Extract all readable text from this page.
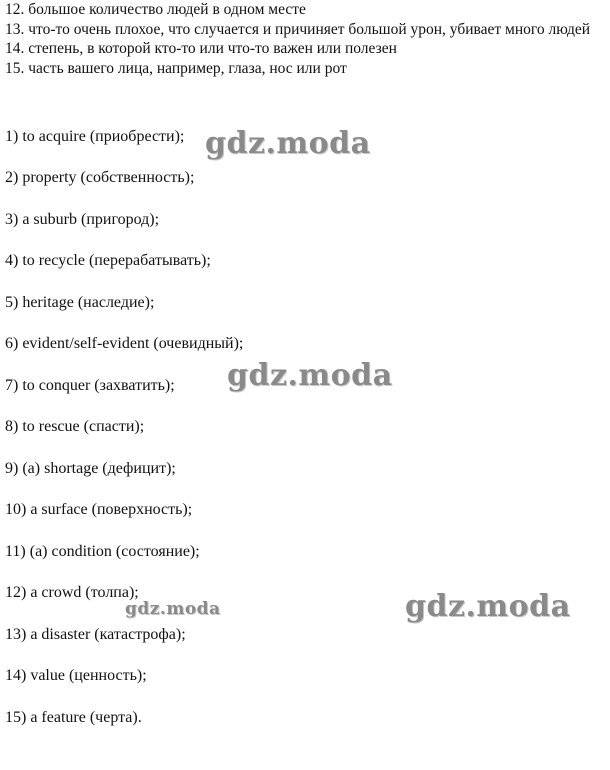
12. большое количество людей в одном месте

13. что-то очень плохое, что случается и причиняет большой урон, убивает много людей

14. степень, в которой кто-то или что-то важен или полезен

15. часть вашего лица, например, глаза, нос или рот

1) to acquire (приобрести);
2) property (собственность);
3) a suburb (пригород);
4) to recycle (перерабатывать);
5) heritage (наследие);
6) evident/self-evident (очевидный);
7) to conquer (захватить);
8) to rescue (спасти);
9) (a) shortage (дефицит);
10) a surface (поверхность);
11) (a) condition (состояние);
12) a crowd (толпа);
13) a disaster (катастрофа);
14) value (ценность);
15) a feature (черта).
gdz.moda
gdz.moda
gdz.moda
gdz.moda
